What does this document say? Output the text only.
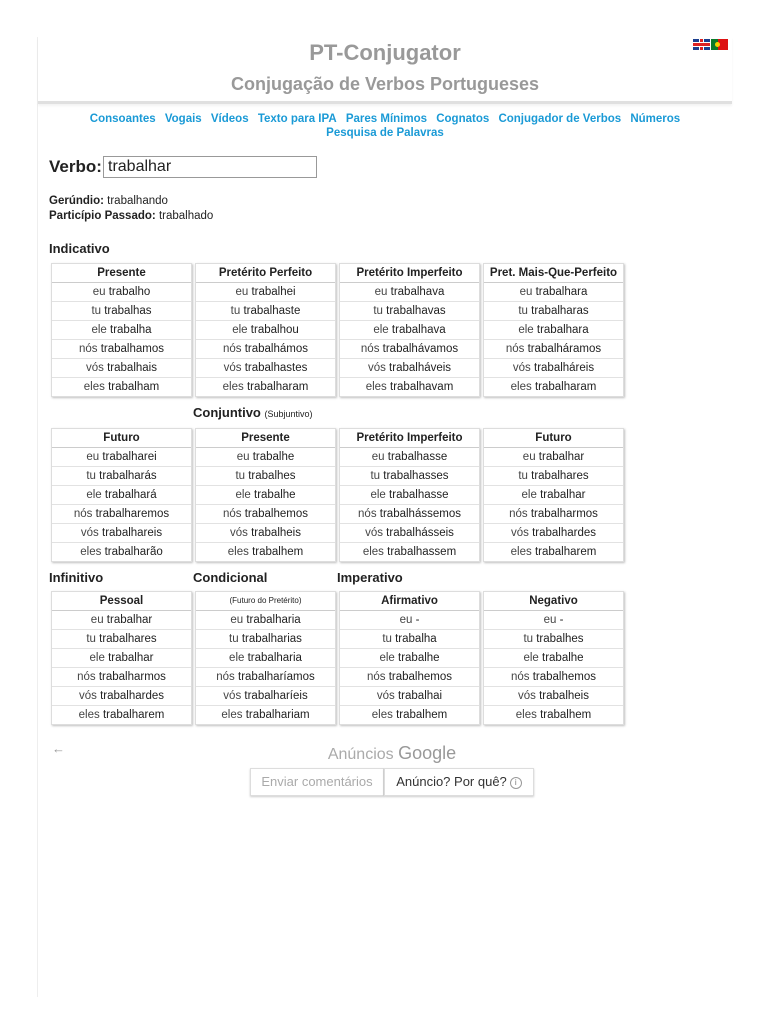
PT-Conjugator
Conjugação de Verbos Portugueses
Consoantes Vogais Vídeos Texto para IPA Pares Mínimos Cognatos Conjugador de Verbos Números
Pesquisa de Palavras
Verbo:
trabalhar
Gerúndio: trabalhando
Particípio Passado: trabalhado
Indicativo
Conjuntivo (Subjuntivo)
Infinitivo	Condicional	Imperativo
Presente
eu trabalho
tu trabalhas
ele trabalha
nós trabalhamos
vós trabalhais
eles trabalham
Pretérito Perfeito
eu trabalhei
tu trabalhaste
ele trabalhou
nós trabalhámos
vós trabalhastes
eles trabalharam
Pretérito Imperfeito
eu trabalhava
tu trabalhavas
ele trabalhava
nós trabalhávamos
vós trabalháveis
eles trabalhavam
Pret. Mais-Que-Perfeito
eu trabalhara
tu trabalharas
ele trabalhara
nós trabalháramos
vós trabalháreis
eles trabalharam
Futuro
eu trabalharei
tu trabalharás
ele trabalhará
nós trabalharemos
vós trabalhareis
eles trabalharão
Presente
eu trabalhe
tu trabalhes
ele trabalhe
nós trabalhemos
vós trabalheis
eles trabalhem
Pretérito Imperfeito
eu trabalhasse
tu trabalhasses
ele trabalhasse
nós trabalhássemos
vós trabalhásseis
eles trabalhassem
Futuro
eu trabalhar
tu trabalhares
ele trabalhar
nós trabalharmos
vós trabalhardes
eles trabalharem
Pessoal
eu trabalhar
tu trabalhares
ele trabalhar
nós trabalharmos
vós trabalhardes
eles trabalharem
(Futuro do Pretérito)
eu trabalharia
tu trabalharias
ele trabalharia
nós trabalharíamos
vós trabalharíeis
eles trabalhariam
Afirmativo
eu -
tu trabalha
ele trabalhe
nós trabalhemos
vós trabalhai
eles trabalhem
Negativo
eu -
tu trabalhes
ele trabalhe
nós trabalhemos
vós trabalheis
eles trabalhem
←	Anúncios Google
Enviar comentários	Anúncio? Por quê? i
